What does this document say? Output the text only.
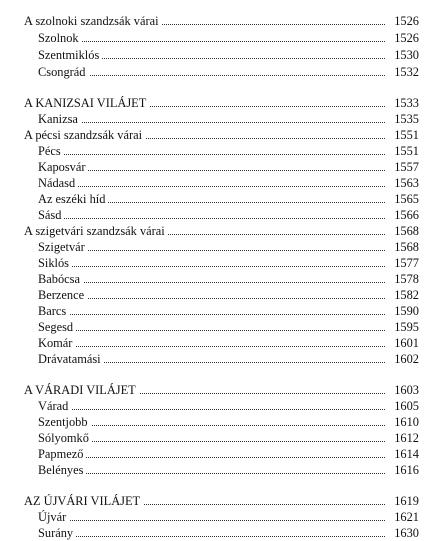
A szolnoki szandzsák várai	1526
Szolnok	1526
Szentmiklós	1530
Csongrád	1532
A KANIZSAI VILÁJET	1533
Kanizsa	1535
A pécsi szandzsák várai	1551
Pécs	1551
Kaposvár	1557
Nádasd	1563
Az eszéki híd	1565
Sásd	1566
A szigetvári szandzsák várai	1568
Szigetvár	1568
Siklós	1577
Babócsa	1578
Berzence	1582
Barcs	1590
Segesd	1595
Komár	1601
Drávatamási	1602
A VÁRADI VILÁJET	1603
Várad	1605
Szentjobb	1610
Sólyomkő	1612
Papmező	1614
Belényes	1616
AZ ÚJVÁRI VILÁJET	1619
Újvár	1621
Surány	1630
